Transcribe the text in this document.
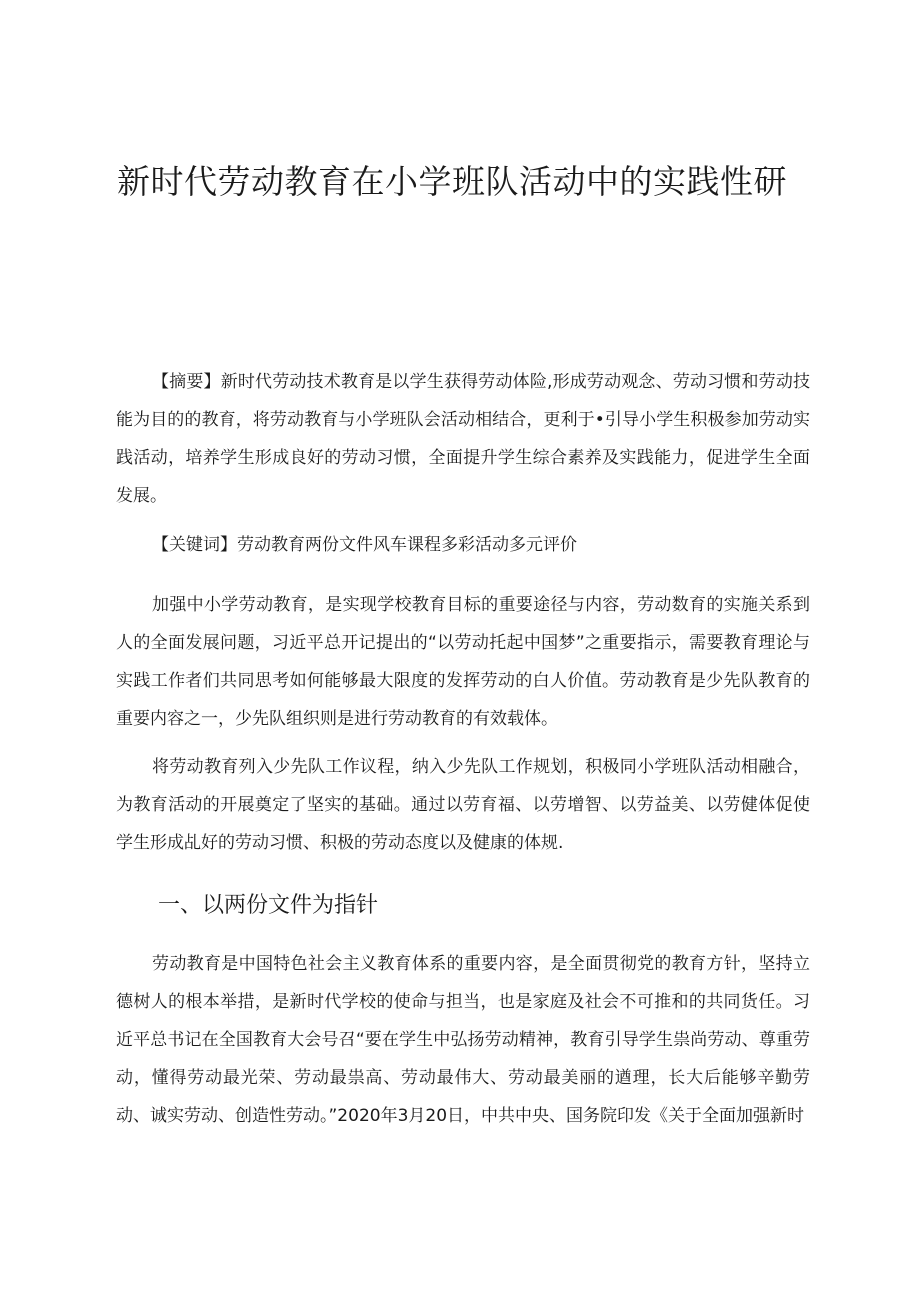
新时代劳动教育在小学班队活动中的实践性研

【摘要】新时代劳动技术教育是以学生获得劳动体险,形成劳动观念、劳动习惯和劳动技能为目的的教育，将劳动教育与小学班队会活动相结合，更利于•引导小学生积极参加劳动实践活动，培养学生形成良好的劳动习惯，全面提升学生综合素养及实践能力，促进学生全面发展。

【关键词】劳动教育两份文件风车课程多彩活动多元评价

加强中小学劳动教育，是实现学校教育目标的重要途径与内容，劳动数育的实施关系到人的全面发展问题，习近平总开记提出的“以劳动托起中国梦”之重要指示，需要教育理论与实践工作者们共同思考如何能够最大限度的发挥劳动的白人价值。劳动教育是少先队教育的重要内容之一，少先队组织则是进行劳动教育的有效载体。

将劳动教育列入少先队工作议程，纳入少先队工作规划，积极同小学班队活动相融合，为教育活动的开展奠定了坚实的基础。通过以劳育福、以劳增智、以劳益美、以劳健体促使学生形成乩好的劳动习惯、积极的劳动态度以及健康的体规.

一、以两份文件为指针

劳动教育是中国特色社会主义教育体系的重要内容，是全面贯彻党的教育方针，坚持立德树人的根本举措，是新时代学校的使命与担当，也是家庭及社会不可推和的共同货任。习近平总书记在全国教育大会号召“要在学生中弘扬劳动精神，教育引导学生祟尚劳动、尊重劳动，懂得劳动最光荣、劳动最祟高、劳动最伟大、劳动最美丽的遒理，长大后能够辛勤劳动、诚实劳动、创造性劳动。”2020年3月20日，中共中央、国务院印发《关于全面加强新时
